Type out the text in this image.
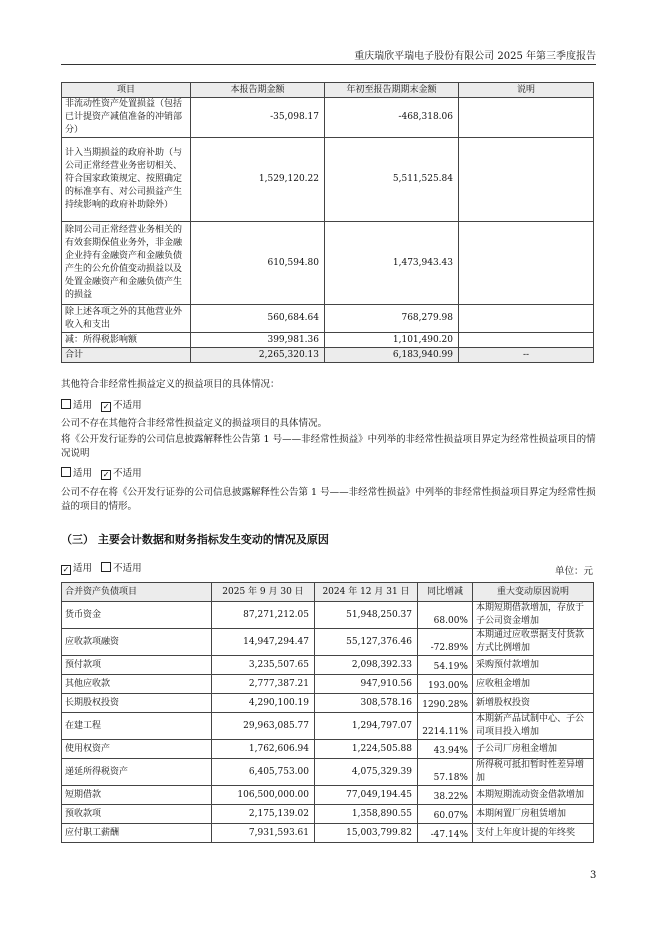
重庆瑞欣平瑞电子股份有限公司 2025 年第三季度报告
项目	本报告期金额	年初至报告期期末金额	说明
非流动性资产处置损益（包括已计提资产减值准备的冲销部分）	-35,098.17	-468,318.06	
计入当期损益的政府补助（与公司正常经营业务密切相关、符合国家政策规定、按照确定的标准享有、对公司损益产生持续影响的政府补助除外）	1,529,120.22	5,511,525.84	
除同公司正常经营业务相关的有效套期保值业务外，非金融企业持有金融资产和金融负债产生的公允价值变动损益以及处置金融资产和金融负债产生的损益	610,594.80	1,473,943.43	
除上述各项之外的其他营业外收入和支出	560,684.64	768,279.98	
减：所得税影响额	399,981.36	1,101,490.20	
合计	2,265,320.13	6,183,940.99	--
其他符合非经常性损益定义的损益项目的具体情况：
适用 ✓ 不适用
公司不存在其他符合非经常性损益定义的损益项目的具体情况。
将《公开发行证券的公司信息披露解释性公告第 1 号——非经常性损益》中列举的非经常性损益项目界定为经常性损益项目的情况说明
适用 ✓ 不适用
公司不存在将《公开发行证券的公司信息披露解释性公告第 1 号——非经常性损益》中列举的非经常性损益项目界定为经常性损益的项目的情形。
（三） 主要会计数据和财务指标发生变动的情况及原因
✓ 适用 不适用	单位：元
合并资产负债项目	2025 年 9 月 30 日	2024 年 12 月 31 日	同比增减	重大变动原因说明
货币资金	87,271,212.05	51,948,250.37	68.00%	本期短期借款增加，存放于子公司资金增加
应收款项融资	14,947,294.47	55,127,376.46	-72.89%	本期通过应收票据支付货款方式比例增加
预付款项	3,235,507.65	2,098,392.33	54.19%	采购预付款增加
其他应收款	2,777,387.21	947,910.56	193.00%	应收租金增加
长期股权投资	4,290,100.19	308,578.16	1290.28%	新增股权投资
在建工程	29,963,085.77	1,294,797.07	2214.11%	本期新产品试制中心、子公司项目投入增加
使用权资产	1,762,606.94	1,224,505.88	43.94%	子公司厂房租金增加
递延所得税资产	6,405,753.00	4,075,329.39	57.18%	所得税可抵扣暂时性差异增加
短期借款	106,500,000.00	77,049,194.45	38.22%	本期短期流动资金借款增加
预收款项	2,175,139.02	1,358,890.55	60.07%	本期闲置厂房租赁增加
应付职工薪酬	7,931,593.61	15,003,799.82	-47.14%	支付上年度计提的年终奖
3
